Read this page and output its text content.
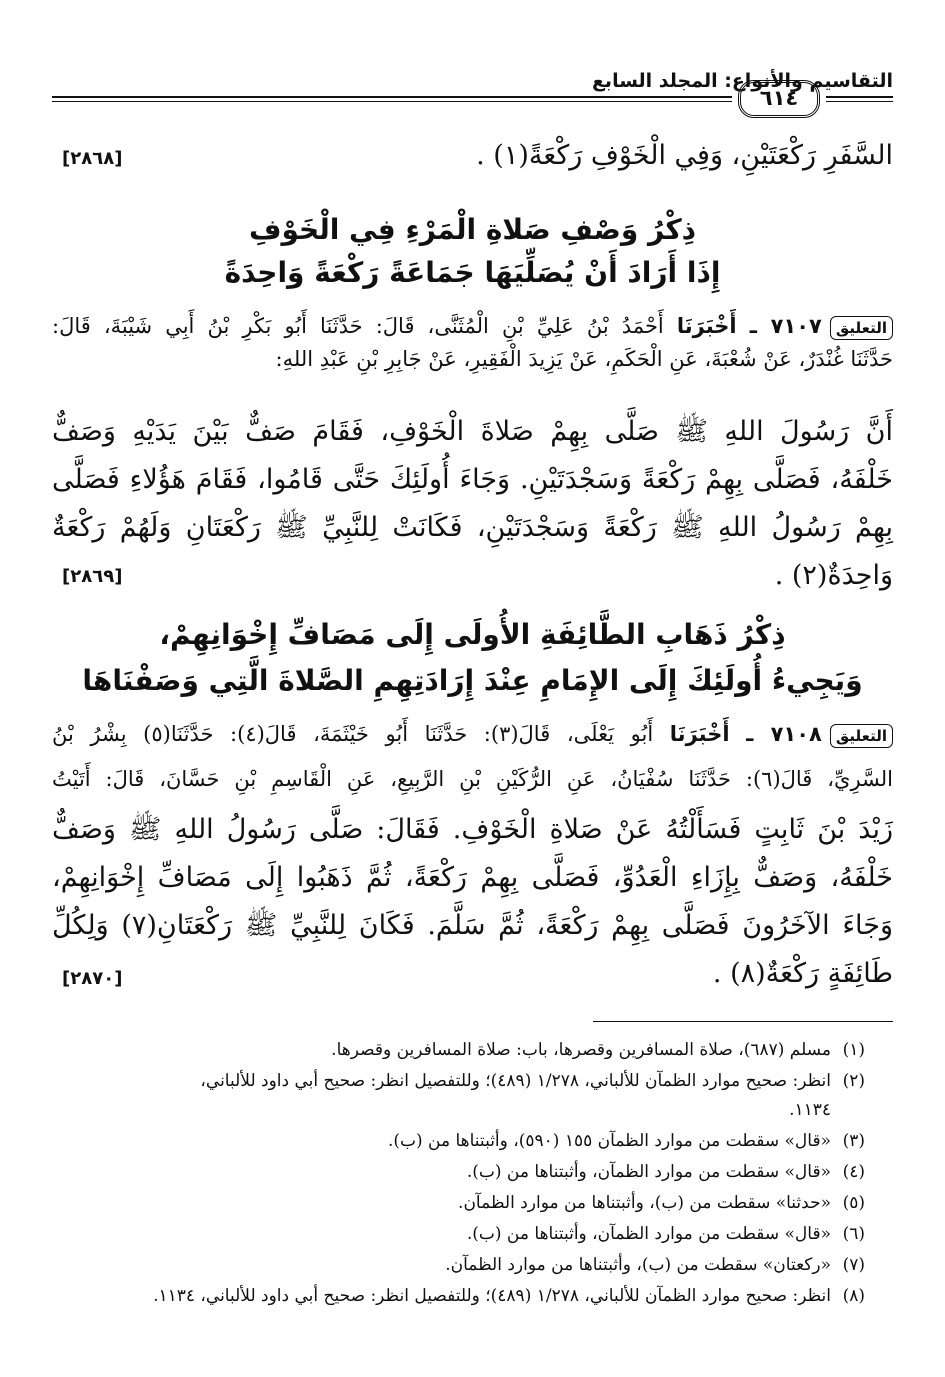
التقاسيم والأنواع: المجلد السابع
٦١٤
السَّفَرِ رَكْعَتَيْنِ، وَفِي الْخَوْفِ رَكْعَةً(١) .
[٢٨٦٨]
ذِكْرُ وَصْفِ صَلاةِ الْمَرْءِ فِي الْخَوْفِ
إِذَا أَرَادَ أَنْ يُصَلِّيَهَا جَمَاعَةً رَكْعَةً وَاحِدَةً
التعليق٧١٠٧ ـ أَخْبَرَنَا أَحْمَدُ بْنُ عَلِيِّ بْنِ الْمُثَنَّى، قَالَ: حَدَّثَنَا أَبُو بَكْرِ بْنُ أَبِي شَيْبَةَ، قَالَ:
حَدَّثَنَا غُنْدَرٌ، عَنْ شُعْبَةَ، عَنِ الْحَكَمِ، عَنْ يَزِيدَ الْفَقِيرِ، عَنْ جَابِرِ بْنِ عَبْدِ اللهِ:
أَنَّ رَسُولَ اللهِ ﷺ صَلَّى بِهِمْ صَلاةَ الْخَوْفِ، فَقَامَ صَفٌّ بَيْنَ يَدَيْهِ وَصَفٌّ
خَلْفَهُ، فَصَلَّى بِهِمْ رَكْعَةً وَسَجْدَتَيْنِ. وَجَاءَ أُولَئِكَ حَتَّى قَامُوا، فَقَامَ هَؤُلاءِ فَصَلَّى
بِهِمْ رَسُولُ اللهِ ﷺ رَكْعَةً وَسَجْدَتَيْنِ، فَكَانَتْ لِلنَّبِيِّ ﷺ رَكْعَتَانِ وَلَهُمْ رَكْعَةٌ
وَاحِدَةٌ(٢) .
[٢٨٦٩]
ذِكْرُ ذَهَابِ الطَّائِفَةِ الأُولَى إِلَى مَصَافِّ إِخْوَانِهِمْ،
وَيَجِيءُ أُولَئِكَ إِلَى الإِمَامِ عِنْدَ إِرَادَتِهِمِ الصَّلاةَ الَّتِي وَصَفْنَاهَا
التعليق٧١٠٨ ـ أَخْبَرَنَا أَبُو يَعْلَى، قَالَ(٣): حَدَّثَنَا أَبُو خَيْثَمَةَ، قَالَ(٤): حَدَّثَنَا(٥) بِشْرُ بْنُ
السَّرِيِّ، قَالَ(٦): حَدَّثَنَا سُفْيَانُ، عَنِ الرُّكَيْنِ بْنِ الرَّبِيعِ، عَنِ الْقَاسِمِ بْنِ حَسَّانَ، قَالَ: أَتَيْتُ
زَيْدَ بْنَ ثَابِتٍ فَسَأَلْتُهُ عَنْ صَلاةِ الْخَوْفِ. فَقَالَ: صَلَّى رَسُولُ اللهِ ﷺ وَصَفٌّ
خَلْفَهُ، وَصَفٌّ بِإِزَاءِ الْعَدُوِّ، فَصَلَّى بِهِمْ رَكْعَةً، ثُمَّ ذَهَبُوا إِلَى مَصَافِّ إِخْوَانِهِمْ،
وَجَاءَ الآخَرُونَ فَصَلَّى بِهِمْ رَكْعَةً، ثُمَّ سَلَّمَ. فَكَانَ لِلنَّبِيِّ ﷺ رَكْعَتَانِ(٧) وَلِكُلِّ
طَائِفَةٍ رَكْعَةٌ(٨) .
[٢٨٧٠]
(١)مسلم (٦٨٧)، صلاة المسافرين وقصرها، باب: صلاة المسافرين وقصرها.
(٢)انظر: صحيح موارد الظمآن للألباني، ١/٢٧٨ (٤٨٩)؛ وللتفصيل انظر: صحيح أبي داود للألباني،
١١٣٤.
(٣)«قال» سقطت من موارد الظمآن ١٥٥ (٥٩٠)، وأثبتناها من (ب).
(٤)«قال» سقطت من موارد الظمآن، وأثبتناها من (ب).
(٥)«حدثنا» سقطت من (ب)، وأثبتناها من موارد الظمآن.
(٦)«قال» سقطت من موارد الظمآن، وأثبتناها من (ب).
(٧)«ركعتان» سقطت من (ب)، وأثبتناها من موارد الظمآن.
(٨)انظر: صحيح موارد الظمآن للألباني، ١/٢٧٨ (٤٨٩)؛ وللتفصيل انظر: صحيح أبي داود للألباني، ١١٣٤.
